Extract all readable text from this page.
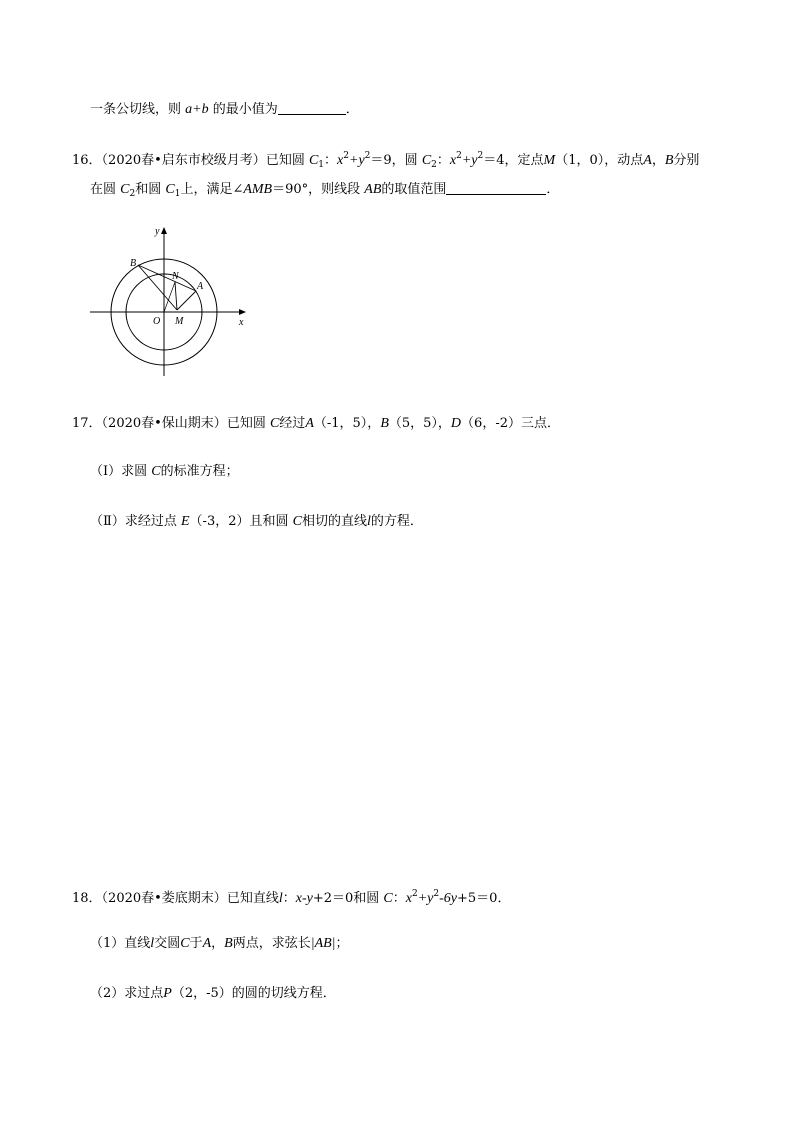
一条公切线，则 a+b 的最小值为	．
16．（2020春•启东市校级月考）已知圆 $C_1$：$x^2+y^2=9$，圆 $C_2$：$x^2+y^2=4$，定点M（1，0），动点A，B分别
在圆 $C_2$和圆 $C_1$上，满足∠AMB＝90°，则线段 AB的取值范围	．
y
x
B
N
A
O M
17．（2020春•保山期末）已知圆 C经过A（-1，5），B（5，5），D（6，-2）三点．
（Ⅰ）求圆 C的标准方程；
（Ⅱ）求经过点 E（-3，2）且和圆 C相切的直线l的方程．
18．（2020春•娄底期末）已知直线l：x-y+2＝0和圆 C：$x^2+y^2-6y+5=0$．
（1）直线l交圆C于A，B两点，求弦长|AB|；
（2）求过点P（2，-5）的圆的切线方程．
